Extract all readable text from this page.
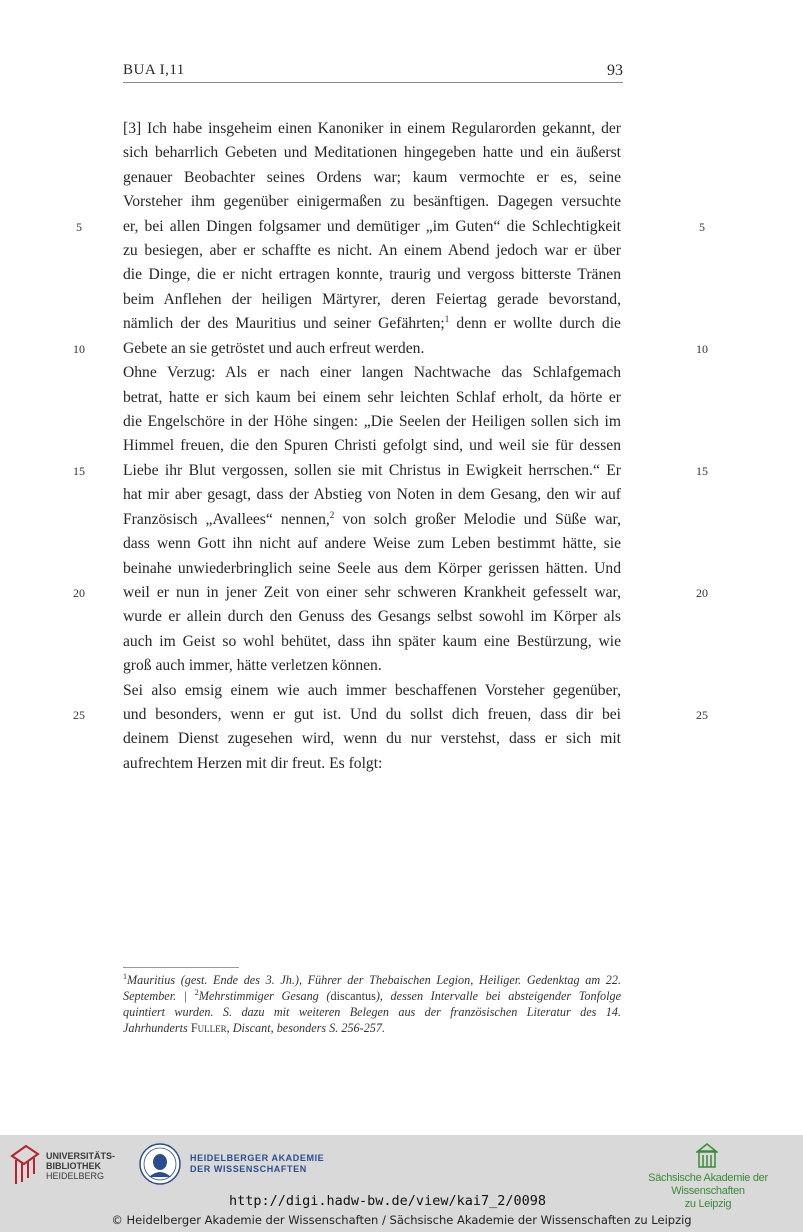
BUA I,11	93
[3] Ich habe insgeheim einen Kanoniker in einem Regularorden gekannt, der
sich beharrlich Gebeten und Meditationen hingegeben hatte und ein äußerst
genauer Beobachter seines Ordens war; kaum vermochte er es, seine
Vorsteher ihm gegenüber einigermaßen zu besänftigen. Dagegen versuchte
er, bei allen Dingen folgsamer und demütiger „im Guten“ die Schlechtigkeit
zu besiegen, aber er schaffte es nicht. An einem Abend jedoch war er über
die Dinge, die er nicht ertragen konnte, traurig und vergoss bitterste Tränen
beim Anflehen der heiligen Märtyrer, deren Feiertag gerade bevorstand,
nämlich der des Mauritius und seiner Gefährten;$^1$ denn er wollte durch die
Gebete an sie getröstet und auch erfreut werden.
Ohne Verzug: Als er nach einer langen Nachtwache das Schlafgemach
betrat, hatte er sich kaum bei einem sehr leichten Schlaf erholt, da hörte er
die Engelschöre in der Höhe singen: „Die Seelen der Heiligen sollen sich im
Himmel freuen, die den Spuren Christi gefolgt sind, und weil sie für dessen
Liebe ihr Blut vergossen, sollen sie mit Christus in Ewigkeit herrschen.“ Er
hat mir aber gesagt, dass der Abstieg von Noten in dem Gesang, den wir auf
Französisch „Avallees“ nennen,$^2$ von solch großer Melodie und Süße war,
dass wenn Gott ihn nicht auf andere Weise zum Leben bestimmt hätte, sie
beinahe unwiederbringlich seine Seele aus dem Körper gerissen hätten. Und
weil er nun in jener Zeit von einer sehr schweren Krankheit gefesselt war,
wurde er allein durch den Genuss des Gesangs selbst sowohl im Körper als
auch im Geist so wohl behütet, dass ihn später kaum eine Bestürzung, wie
groß auch immer, hätte verletzen können.
Sei also emsig einem wie auch immer beschaffenen Vorsteher gegenüber,
und besonders, wenn er gut ist. Und du sollst dich freuen, dass dir bei
deinem Dienst zugesehen wird, wenn du nur verstehst, dass er sich mit
aufrechtem Herzen mit dir freut. Es folgt:
5
10
15
20
25
5
10
15
20
25
$^1$Mauritius (gest. Ende des 3. Jh.), Führer der Thebaischen Legion, Heiliger. Gedenktag am 22.
September. | $^2$Mehrstimmiger Gesang (discantus), dessen Intervalle bei absteigender Tonfolge
quintiert wurden. S. dazu mit weiteren Belegen aus der französischen Literatur des 14.
Jahrhunderts Fuller, Discant, besonders S. 256-257.
UNIVERSITÄTS-
BIBLIOTHEK
HEIDELBERG
HEIDELBERGER AKADEMIE
DER WISSENSCHAFTEN
Sächsische Akademie der Wissenschaften
zu Leipzig
http://digi.hadw-bw.de/view/kai7_2/0098
© Heidelberger Akademie der Wissenschaften / Sächsische Akademie der Wissenschaften zu Leipzig
